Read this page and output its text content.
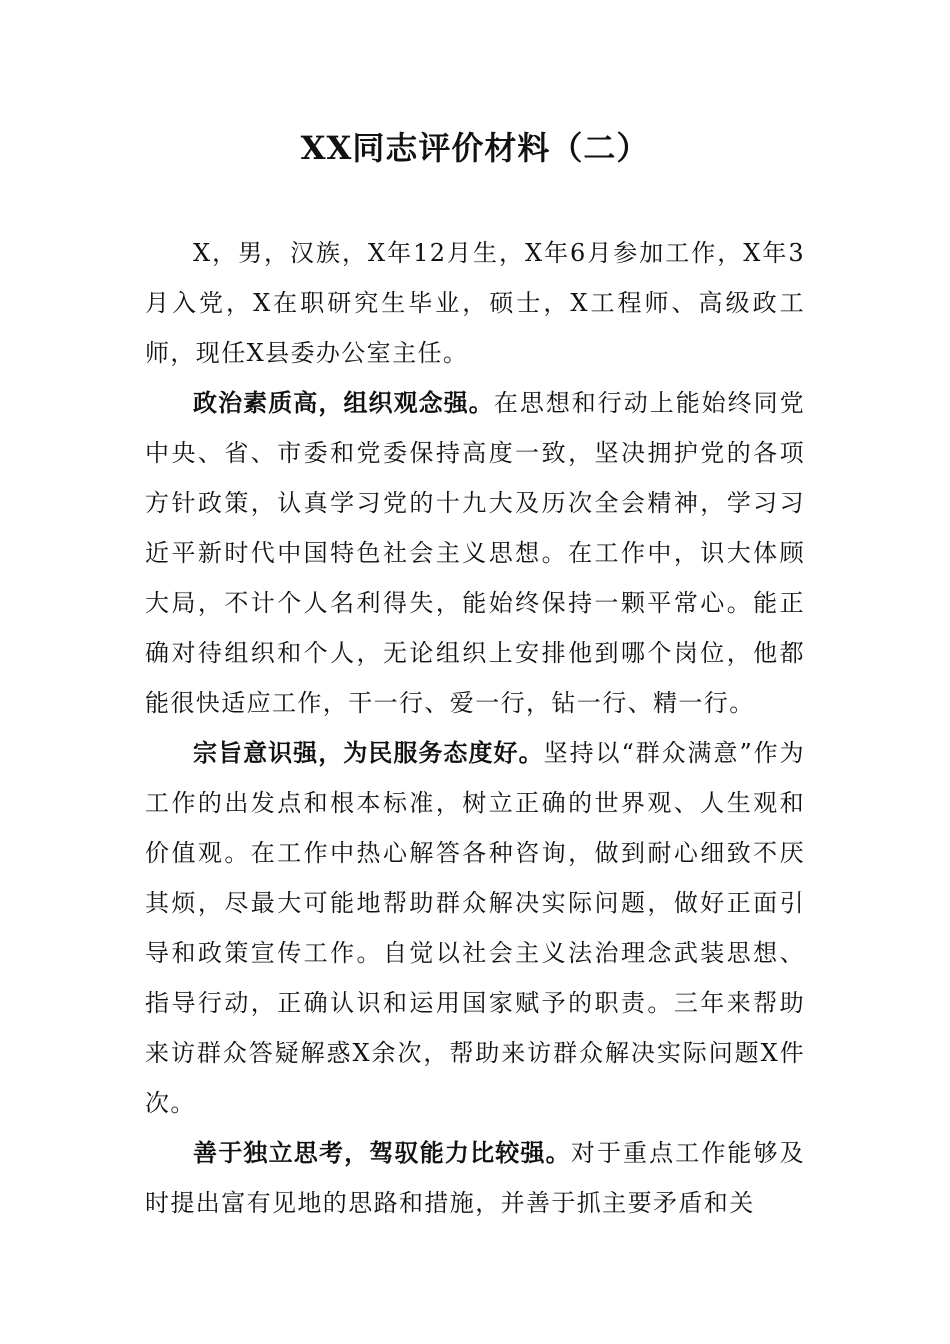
XX同志评价材料（二）

X，男，汉族，X年12月生，X年6月参加工作，X年3月入党，X在职研究生毕业，硕士，X工程师、高级政工师，现任X县委办公室主任。

政治素质高，组织观念强。在思想和行动上能始终同党中央、省、市委和党委保持高度一致，坚决拥护党的各项方针政策，认真学习党的十九大及历次全会精神，学习习近平新时代中国特色社会主义思想。在工作中，识大体顾大局，不计个人名利得失，能始终保持一颗平常心。能正确对待组织和个人，无论组织上安排他到哪个岗位，他都能很快适应工作，干一行、爱一行，钻一行、精一行。

宗旨意识强，为民服务态度好。坚持以“群众满意”作为工作的出发点和根本标准，树立正确的世界观、人生观和价值观。在工作中热心解答各种咨询，做到耐心细致不厌其烦，尽最大可能地帮助群众解决实际问题，做好正面引导和政策宣传工作。自觉以社会主义法治理念武装思想、指导行动，正确认识和运用国家赋予的职责。三年来帮助来访群众答疑解惑X余次，帮助来访群众解决实际问题X件次。

善于独立思考，驾驭能力比较强。对于重点工作能够及时提出富有见地的思路和措施，并善于抓主要矛盾和关
